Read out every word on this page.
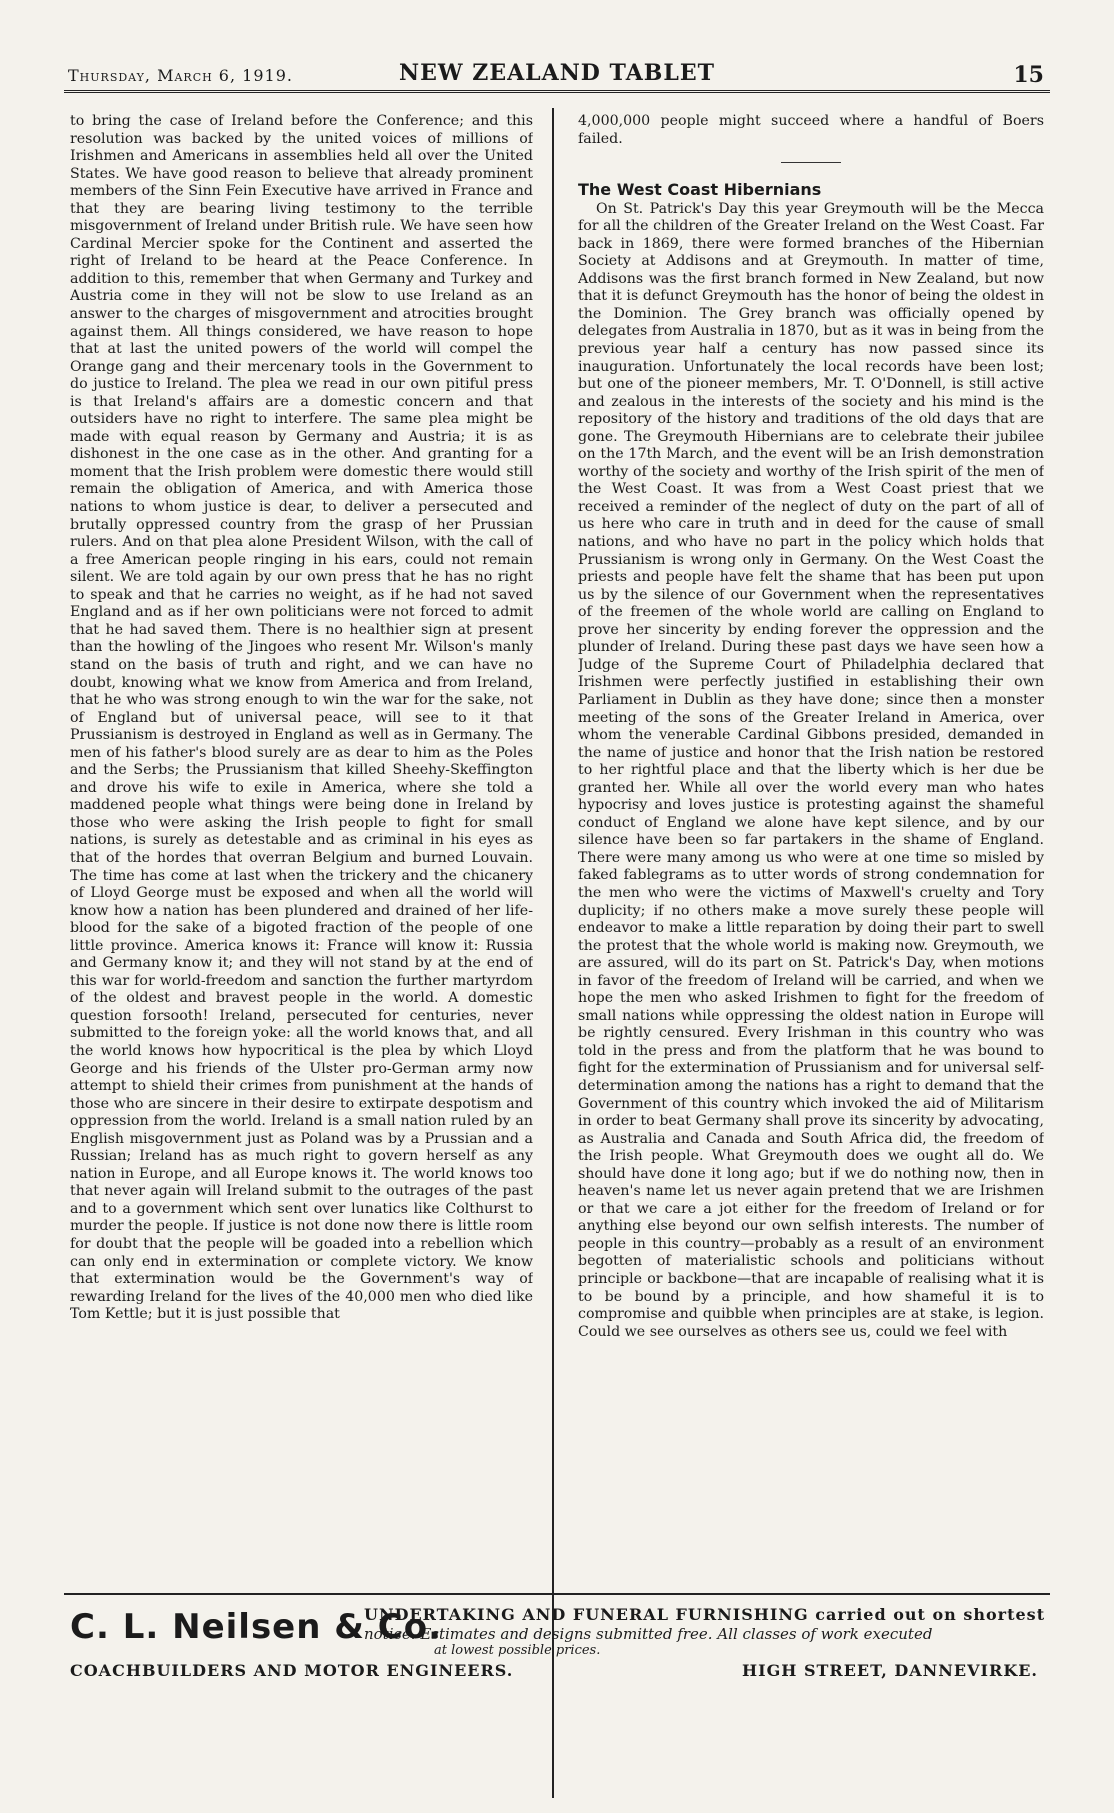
Thursday, March 6, 1919.	NEW ZEALAND TABLET	15

to bring the case of Ireland before the Conference; and this resolution was backed by the united voices of millions of Irishmen and Americans in assemblies held all over the United States. We have good reason to believe that already prominent members of the Sinn Fein Executive have arrived in France and that they are bearing living testimony to the terrible misgovernment of Ireland under British rule. We have seen how Cardinal Mercier spoke for the Continent and asserted the right of Ireland to be heard at the Peace Conference. In addition to this, remember that when Germany and Turkey and Austria come in they will not be slow to use Ireland as an answer to the charges of misgovernment and atrocities brought against them. All things considered, we have reason to hope that at last the united powers of the world will compel the Orange gang and their mercenary tools in the Government to do justice to Ireland. The plea we read in our own pitiful press is that Ireland's affairs are a domestic concern and that outsiders have no right to interfere. The same plea might be made with equal reason by Germany and Austria; it is as dishonest in the one case as in the other. And granting for a moment that the Irish problem were domestic there would still remain the obligation of America, and with America those nations to whom justice is dear, to deliver a persecuted and brutally oppressed country from the grasp of her Prussian rulers. And on that plea alone President Wilson, with the call of a free American people ringing in his ears, could not remain silent. We are told again by our own press that he has no right to speak and that he carries no weight, as if he had not saved England and as if her own politicians were not forced to admit that he had saved them. There is no healthier sign at present than the howling of the Jingoes who resent Mr. Wilson's manly stand on the basis of truth and right, and we can have no doubt, knowing what we know from America and from Ireland, that he who was strong enough to win the war for the sake, not of England but of universal peace, will see to it that Prussianism is destroyed in England as well as in Germany. The men of his father's blood surely are as dear to him as the Poles and the Serbs; the Prussianism that killed Sheehy-Skeffington and drove his wife to exile in America, where she told a maddened people what things were being done in Ireland by those who were asking the Irish people to fight for small nations, is surely as detestable and as criminal in his eyes as that of the hordes that overran Belgium and burned Louvain. The time has come at last when the trickery and the chicanery of Lloyd George must be exposed and when all the world will know how a nation has been plundered and drained of her life-blood for the sake of a bigoted fraction of the people of one little province. America knows it: France will know it: Russia and Germany know it; and they will not stand by at the end of this war for world-freedom and sanction the further martyrdom of the oldest and bravest people in the world. A domestic question forsooth! Ireland, persecuted for centuries, never submitted to the foreign yoke: all the world knows that, and all the world knows how hypocritical is the plea by which Lloyd George and his friends of the Ulster pro-German army now attempt to shield their crimes from punishment at the hands of those who are sincere in their desire to extirpate despotism and oppression from the world. Ireland is a small nation ruled by an English misgovernment just as Poland was by a Prussian and a Russian; Ireland has as much right to govern herself as any nation in Europe, and all Europe knows it. The world knows too that never again will Ireland submit to the outrages of the past and to a government which sent over lunatics like Colthurst to murder the people. If justice is not done now there is little room for doubt that the people will be goaded into a rebellion which can only end in extermination or complete victory. We know that extermination would be the Government's way of rewarding Ireland for the lives of the 40,000 men who died like Tom Kettle; but it is just possible that

4,000,000 people might succeed where a handful of Boers failed.

The West Coast Hibernians

On St. Patrick's Day this year Greymouth will be the Mecca for all the children of the Greater Ireland on the West Coast. Far back in 1869, there were formed branches of the Hibernian Society at Addisons and at Greymouth. In matter of time, Addisons was the first branch formed in New Zealand, but now that it is defunct Greymouth has the honor of being the oldest in the Dominion. The Grey branch was officially opened by delegates from Australia in 1870, but as it was in being from the previous year half a century has now passed since its inauguration. Unfortunately the local records have been lost; but one of the pioneer members, Mr. T. O'Donnell, is still active and zealous in the interests of the society and his mind is the repository of the history and traditions of the old days that are gone. The Greymouth Hibernians are to celebrate their jubilee on the 17th March, and the event will be an Irish demonstration worthy of the society and worthy of the Irish spirit of the men of the West Coast. It was from a West Coast priest that we received a reminder of the neglect of duty on the part of all of us here who care in truth and in deed for the cause of small nations, and who have no part in the policy which holds that Prussianism is wrong only in Germany. On the West Coast the priests and people have felt the shame that has been put upon us by the silence of our Government when the representatives of the freemen of the whole world are calling on England to prove her sincerity by ending forever the oppression and the plunder of Ireland. During these past days we have seen how a Judge of the Supreme Court of Philadelphia declared that Irishmen were perfectly justified in establishing their own Parliament in Dublin as they have done; since then a monster meeting of the sons of the Greater Ireland in America, over whom the venerable Cardinal Gibbons presided, demanded in the name of justice and honor that the Irish nation be restored to her rightful place and that the liberty which is her due be granted her. While all over the world every man who hates hypocrisy and loves justice is protesting against the shameful conduct of England we alone have kept silence, and by our silence have been so far partakers in the shame of England. There were many among us who were at one time so misled by faked fablegrams as to utter words of strong condemnation for the men who were the victims of Maxwell's cruelty and Tory duplicity; if no others make a move surely these people will endeavor to make a little reparation by doing their part to swell the protest that the whole world is making now. Greymouth, we are assured, will do its part on St. Patrick's Day, when motions in favor of the freedom of Ireland will be carried, and when we hope the men who asked Irishmen to fight for the freedom of small nations while oppressing the oldest nation in Europe will be rightly censured. Every Irishman in this country who was told in the press and from the platform that he was bound to fight for the extermination of Prussianism and for universal self-determination among the nations has a right to demand that the Government of this country which invoked the aid of Militarism in order to beat Germany shall prove its sincerity by advocating, as Australia and Canada and South Africa did, the freedom of the Irish people. What Greymouth does we ought all do. We should have done it long ago; but if we do nothing now, then in heaven's name let us never again pretend that we are Irishmen or that we care a jot either for the freedom of Ireland or for anything else beyond our own selfish interests. The number of people in this country—probably as a result of an environment begotten of materialistic schools and politicians without principle or backbone—that are incapable of realising what it is to be bound by a principle, and how shameful it is to compromise and quibble when principles are at stake, is legion. Could we see ourselves as others see us, could we feel with

C. L. Neilsen & Co.
UNDERTAKING AND FUNERAL FURNISHING carried out on shortest
notice. Estimates and designs submitted free. All classes of work executed
at lowest possible prices.
COACHBUILDERS AND MOTOR ENGINEERS.	HIGH STREET, DANNEVIRKE.
